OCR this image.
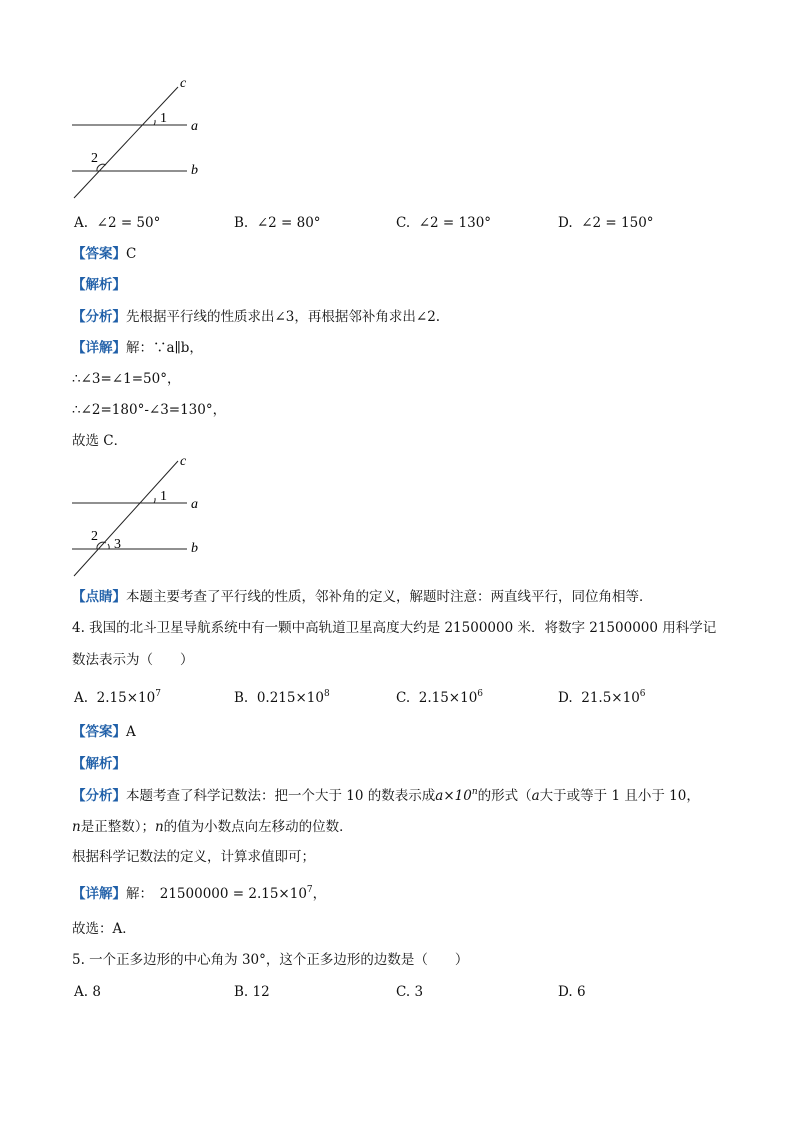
c
a
b
1
2
A. ∠2 = 50°	B. ∠2 = 80°	C. ∠2 = 130°	D. ∠2 = 150°
【答案】C
【解析】
【分析】先根据平行线的性质求出∠3，再根据邻补角求出∠2.
【详解】解：∵a∥b，
∴∠3=∠1=50°，
∴∠2=180°-∠3=130°，
故选 C．
c
a
b
1
2
3
【点睛】本题主要考查了平行线的性质，邻补角的定义，解题时注意：两直线平行，同位角相等．
4. 我国的北斗卫星导航系统中有一颗中高轨道卫星高度大约是 21500000 米．将数字 21500000 用科学记
数法表示为（　　）
A. $2.15\times 10^7$	B. $0.215\times 10^8$	C. $2.15\times 10^6$	D. $21.5\times 10^6$
【答案】A
【解析】
【分析】本题考查了科学记数法：把一个大于 10 的数表示成$a\times 10^n$的形式（a大于或等于 1 且小于 10，
n是正整数）；n的值为小数点向左移动的位数．
根据科学记数法的定义，计算求值即可；
【详解】解：　$21500000 = 2.15\times 10^7$，
故选：A．
5. 一个正多边形的中心角为 30°，这个正多边形的边数是（　　）
A. 8	B. 12	C. 3	D. 6
